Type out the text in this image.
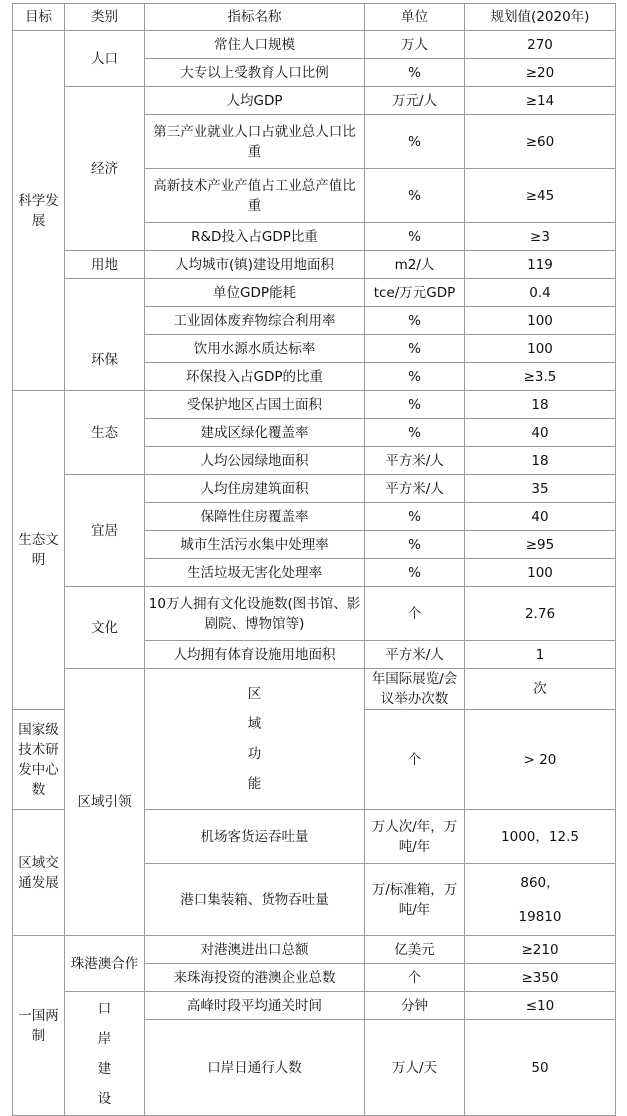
目标	类别	指标名称	单位	规划值(2020年)	
科学发展	人口	常住人口规模	万人	270	
		大专以上受教育人口比例	%	≥20	
	经济	人均GDP	万元/人	≥14	
		第三产业就业人口占就业总人口比重	%	≥60	
		高新技术产业产值占工业总产值比重	%	≥45	
		R&D投入占GDP比重	%	≥3	
	用地	人均城市(镇)建设用地面积	m2/人	119	
	环保	单位GDP能耗	tce/万元GDP	0.4	
		工业固体废弃物综合利用率	%	100	
		饮用水源水质达标率	%	100	
		环保投入占GDP的比重	%	≥3.5	
生态文明	生态	受保护地区占国土面积	%	18	
		建成区绿化覆盖率	%	40	
		人均公园绿地面积	平方米/人	18	
	宜居	人均住房建筑面积	平方米/人	35	
		保障性住房覆盖率	%	40	
		城市生活污水集中处理率	%	≥95	
		生活垃圾无害化处理率	%	100	
	文化	10万人拥有文化设施数(图书馆、影剧院、博物馆等)	个	2.76	
		人均拥有体育设施用地面积	平方米/人	1	
	区域引领	区域功能	年国际展览/会议举办次数	次	
国家级技术研发中心数			个	> 20	
区域交通发展		机场客货运吞吐量	万人次/年，万吨/年	1000，12.5	
		港口集装箱、货物吞吐量	万/标准箱，万吨/年	860，19810	

一国两制	珠港澳合作	对港澳进出口总额	亿美元	≥210	
		来珠海投资的港澳企业总数	个	≥350	

	口岸建设	高峰时段平均通关时间	分钟	≤10	
		口岸日通行人数	万人/天	50	
